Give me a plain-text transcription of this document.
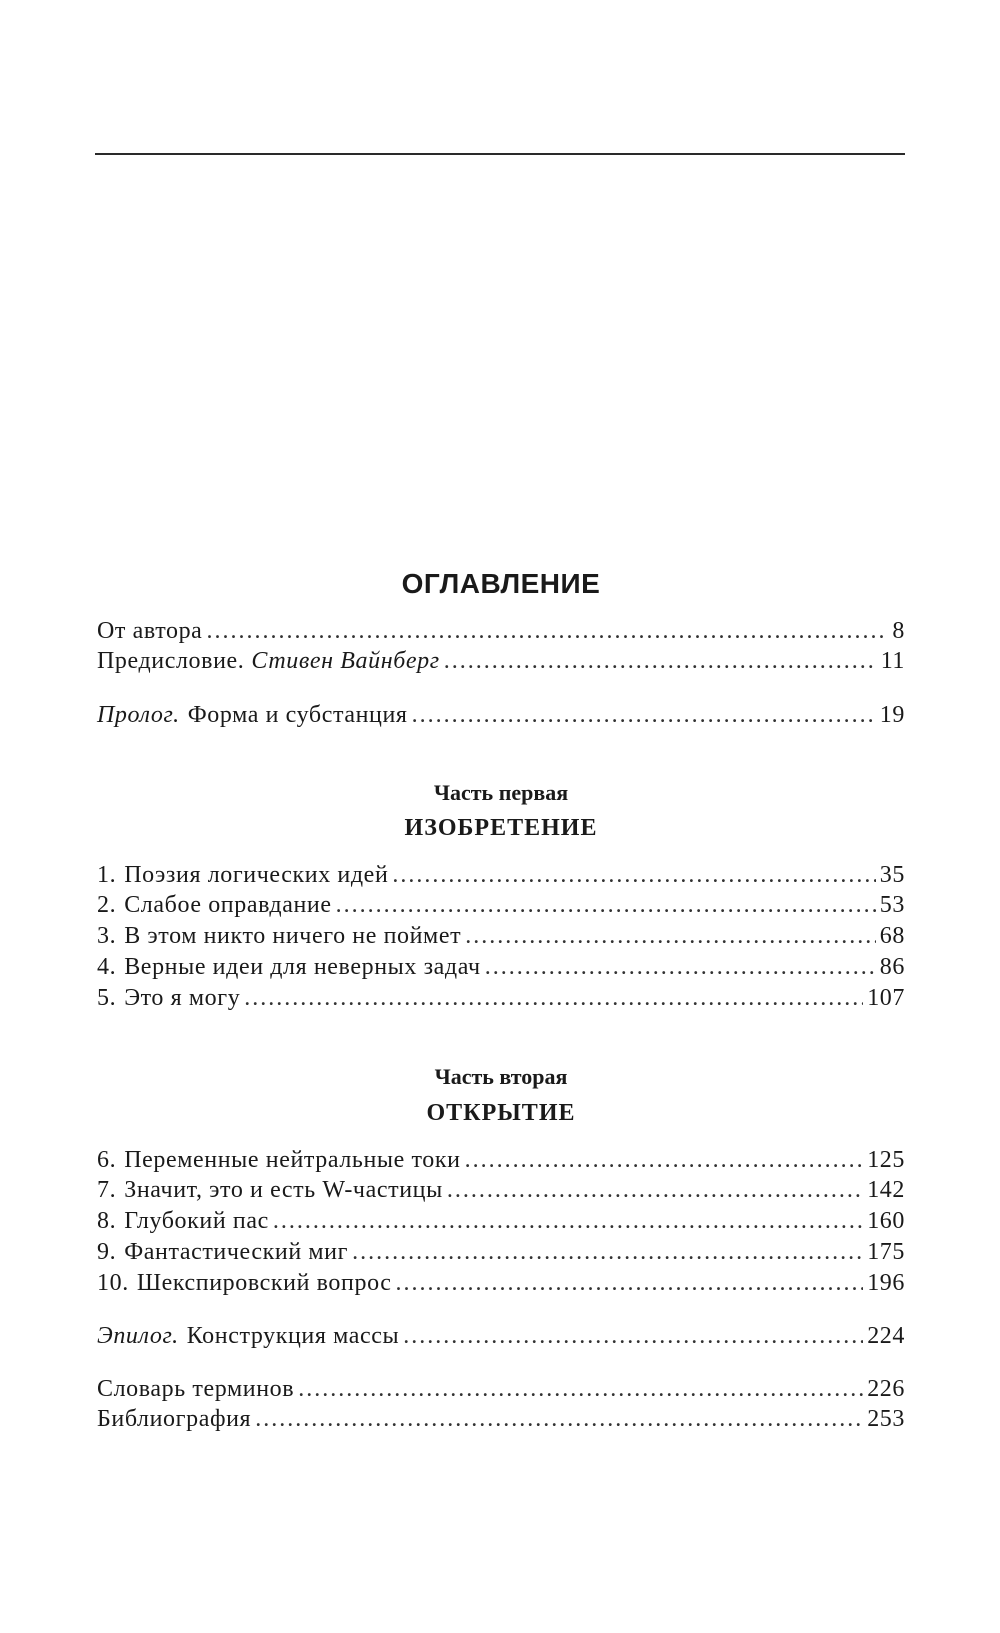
ОГЛАВЛЕНИЕ
От автора . . .	8
Предисловие. Стивен Вайнберг . . .	11
Пролог. Форма и субстанция . . .	19
Часть первая
ИЗОБРЕТЕНИЕ
1. Поэзия логических идей . . .	35
2. Слабое оправдание . . .	53
3. В этом никто ничего не поймет . . .	68
4. Верные идеи для неверных задач . . .	86
5. Это я могу . . .	107
Часть вторая
ОТКРЫТИЕ
6. Переменные нейтральные токи . . .	125
7. Значит, это и есть W-частицы . . .	142
8. Глубокий пас . . .	160
9. Фантастический миг . . .	175
10. Шекспировский вопрос . . .	196
Эпилог. Конструкция массы . . .	224
Словарь терминов . . .	226
Библиография . . .	253
